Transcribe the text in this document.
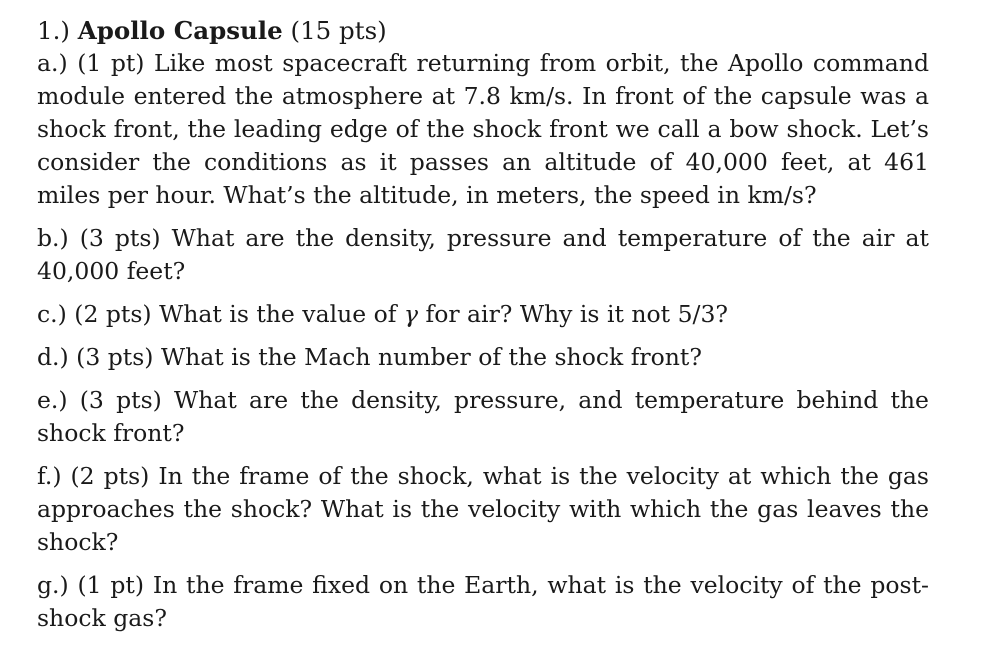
1.) Apollo Capsule (15 pts)

a.) (1 pt) Like most spacecraft returning from orbit, the Apollo command module entered the atmosphere at 7.8 km/s. In front of the capsule was a shock front, the leading edge of the shock front we call a bow shock. Let’s consider the conditions as it passes an altitude of 40,000 feet, at 461 miles per hour. What’s the altitude, in meters, the speed in km/s?

b.) (3 pts) What are the density, pressure and temperature of the air at 40,000 feet?

c.) (2 pts) What is the value of γ for air? Why is it not 5/3?

d.) (3 pts) What is the Mach number of the shock front?

e.) (3 pts) What are the density, pressure, and temperature behind the shock front?

f.) (2 pts) In the frame of the shock, what is the velocity at which the gas approaches the shock? What is the velocity with which the gas leaves the shock?

g.) (1 pt) In the frame fixed on the Earth, what is the velocity of the post-shock gas?
